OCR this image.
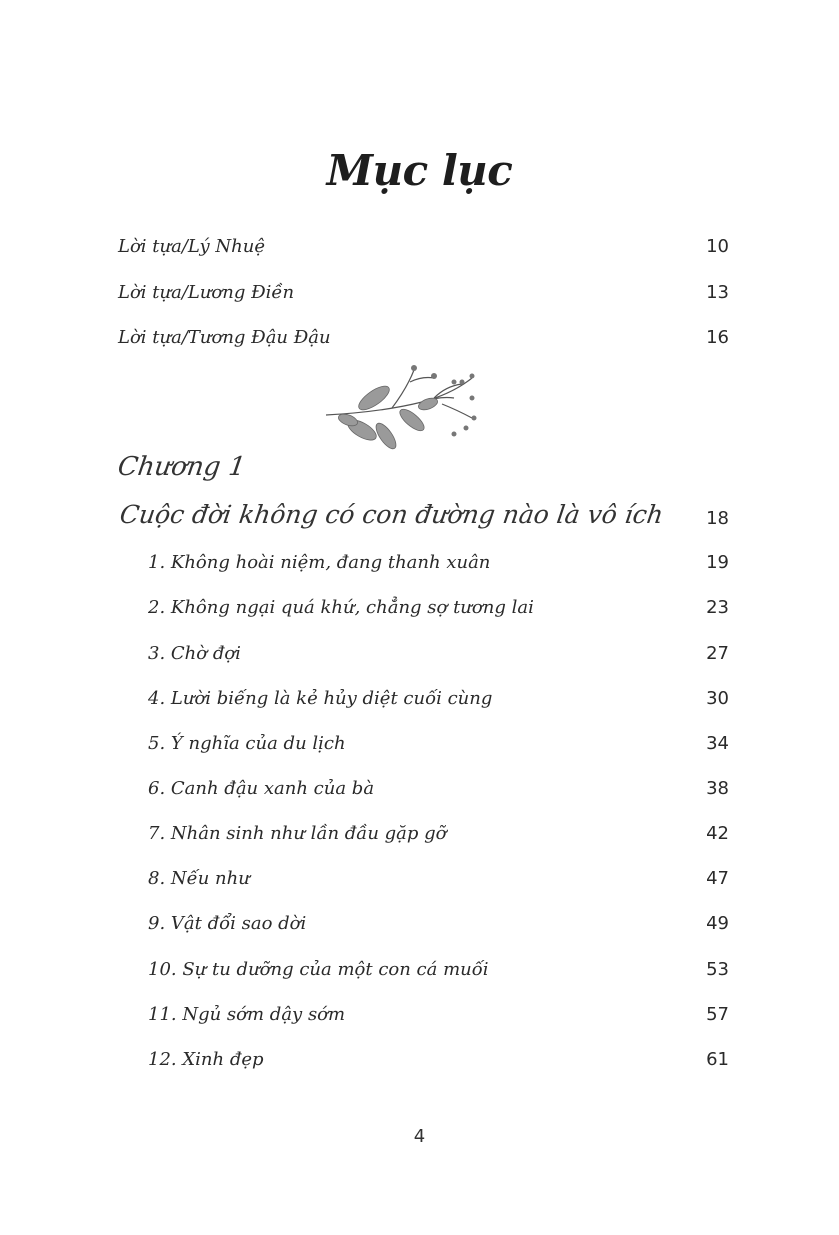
Mục lục
Lời tựa/Lý Nhuệ	10
Lời tựa/Lương Điền	13
Lời tựa/Tương Đậu Đậu	16
Chương 1
Cuộc đời không có con đường nào là vô ích 18
1. Không hoài niệm, đang thanh xuân	19
2. Không ngại quá khứ, chẳng sợ tương lai	23
3. Chờ đợi	27
4. Lười biếng là kẻ hủy diệt cuối cùng	30
5. Ý nghĩa của du lịch	34
6. Canh đậu xanh của bà	38
7. Nhân sinh như lần đầu gặp gỡ	42
8. Nếu như	47
9. Vật đổi sao dời	49
10. Sự tu dưỡng của một con cá muối	53
11. Ngủ sớm dậy sớm	57
12. Xinh đẹp	61
4
